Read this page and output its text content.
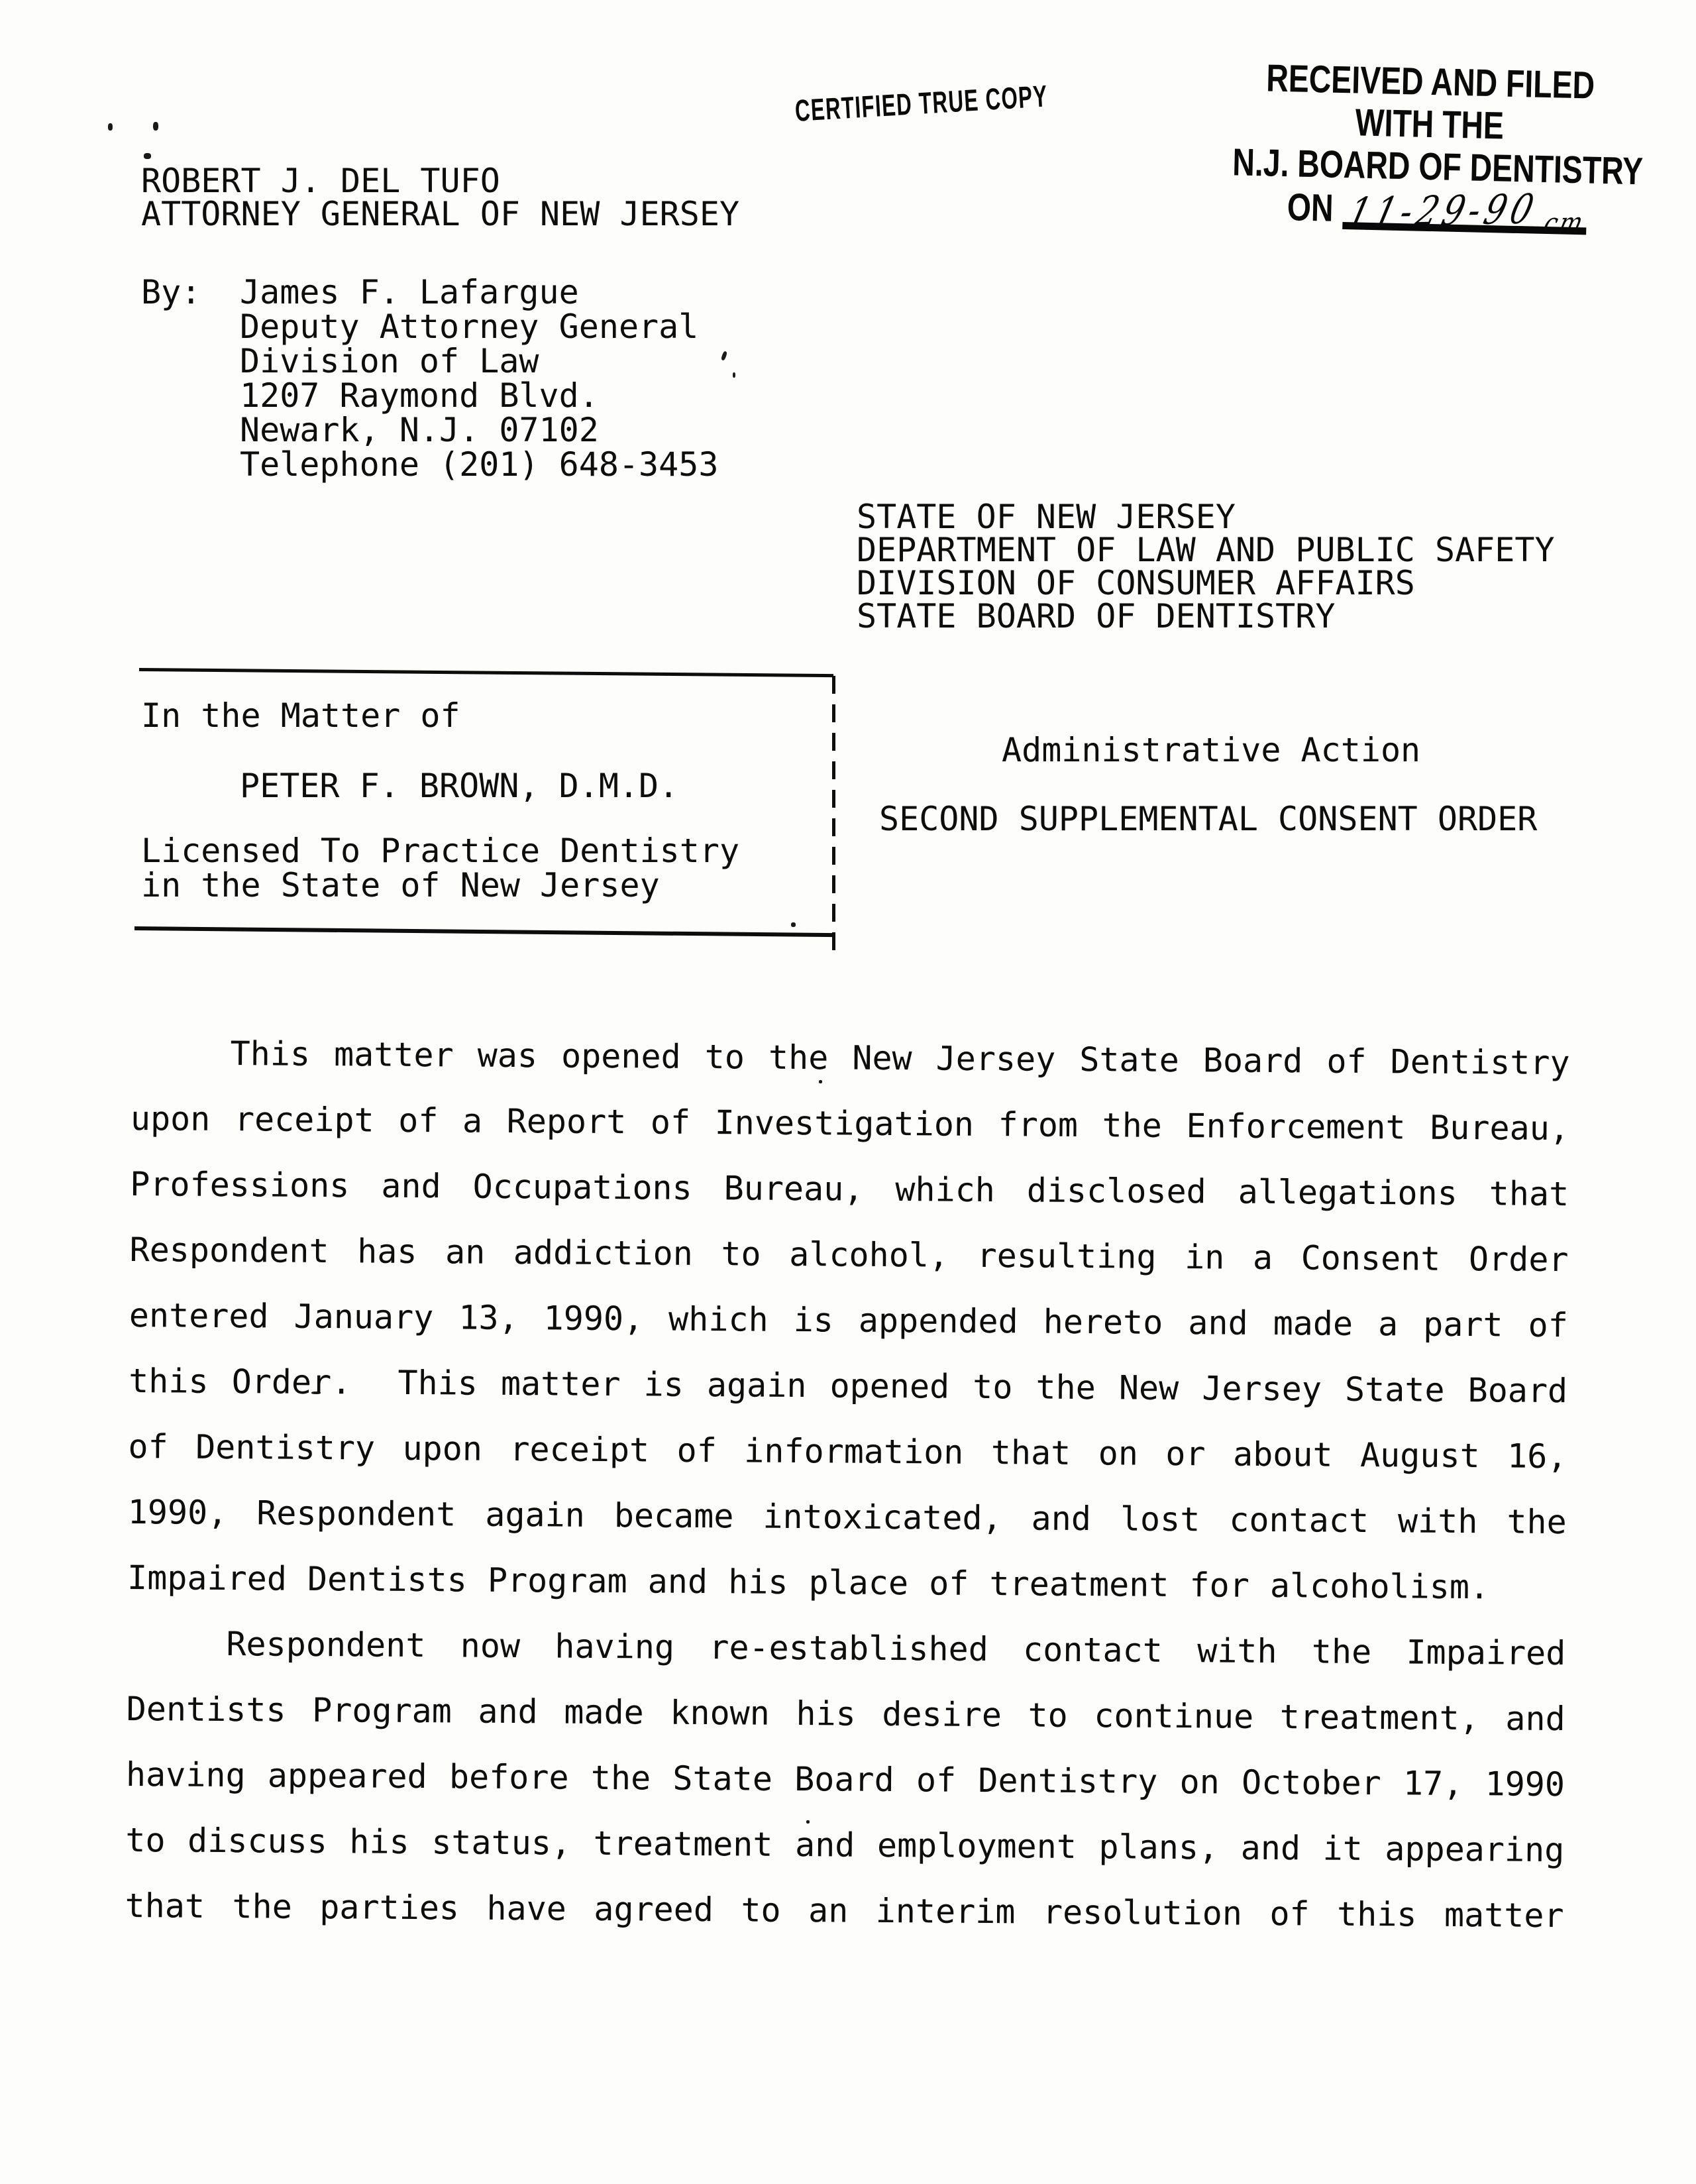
CERTIFIED TRUE COPY	RECEIVED AND FILED
WITH THE
N.J. BOARD OF DENTISTRY
ON 11-29-90cm
ROBERT J. DEL TUFO
ATTORNEY GENERAL OF NEW JERSEY
By: James F. Lafargue
Deputy Attorney General
Division of Law
1207 Raymond Blvd.
Newark, N.J. 07102
Telephone (201) 648-3453
STATE OF NEW JERSEY
DEPARTMENT OF LAW AND PUBLIC SAFETY
DIVISION OF CONSUMER AFFAIRS
STATE BOARD OF DENTISTRY
In the Matter of
PETER F. BROWN, D.M.D.
Licensed To Practice Dentistry
in the State of New Jersey
Administrative Action
SECOND SUPPLEMENTAL CONSENT ORDER
This matter was opened to the New Jersey State Board of Dentistry
upon receipt of a Report of Investigation from the Enforcement Bureau,
Professions and Occupations Bureau, which disclosed allegations that
Respondent has an addiction to alcohol, resulting in a Consent Order
entered January 13, 1990, which is appended hereto and made a part of
this Order.  This matter is again opened to the New Jersey State Board
of Dentistry upon receipt of information that on or about August 16,
1990, Respondent again became intoxicated, and lost contact with the
Impaired Dentists Program and his place of treatment for alcoholism.
Respondent now having re-established contact with the Impaired
Dentists Program and made known his desire to continue treatment, and
having appeared before the State Board of Dentistry on October 17, 1990
to discuss his status, treatment and employment plans, and it appearing
that the parties have agreed to an interim resolution of this matter
